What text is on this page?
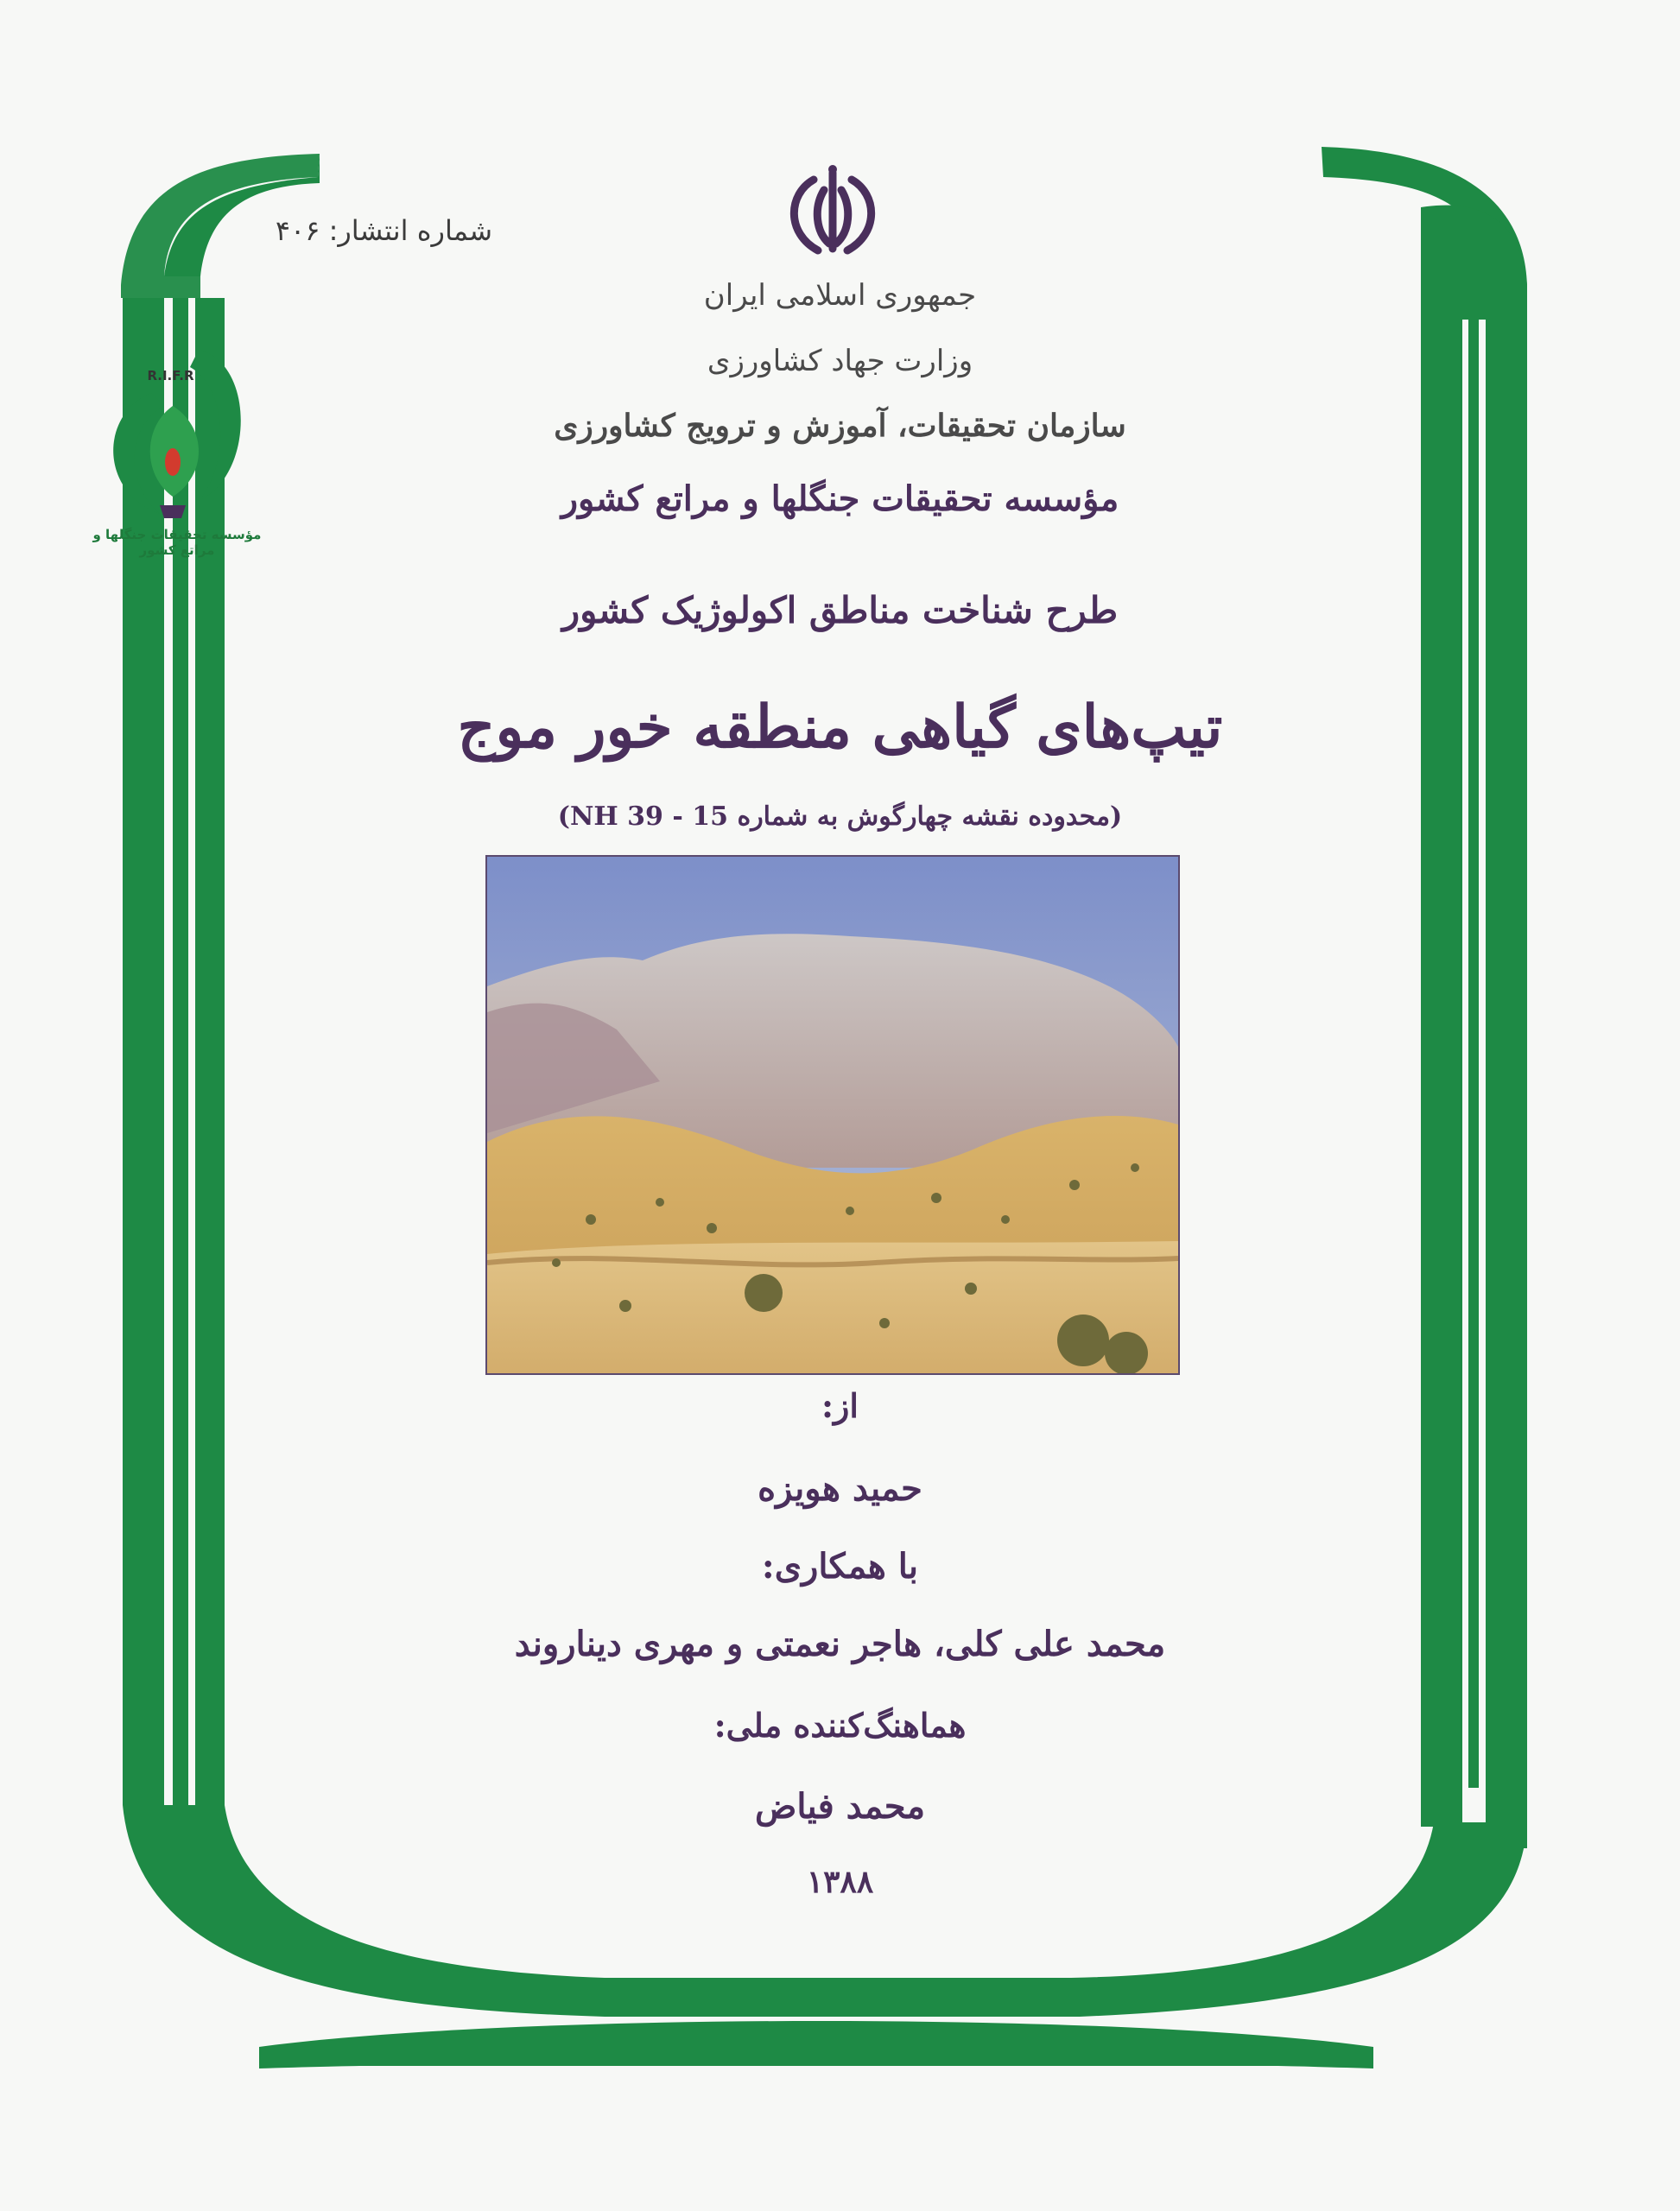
شماره انتشار: ۴۰۶
R.I.F.R
مؤسسه تحقیقات جنگلها و مراتع کشور
جمهوری اسلامی ایران
وزارت جهاد کشاورزی
سازمان تحقیقات، آموزش و ترویج کشاورزی
مؤسسه تحقیقات جنگلها و مراتع کشور
طرح شناخت مناطق اکولوژیک کشور
تیپ‌های گیاهی منطقه خور موج
(محدوده نقشه چهارگوش به شماره 15 - NH 39)
از:
حمید هویزه
با همکاری:
محمد علی کلی، هاجر نعمتی و مهری دیناروند
هماهنگ‌کننده ملی:
محمد فیاض
۱۳۸۸
